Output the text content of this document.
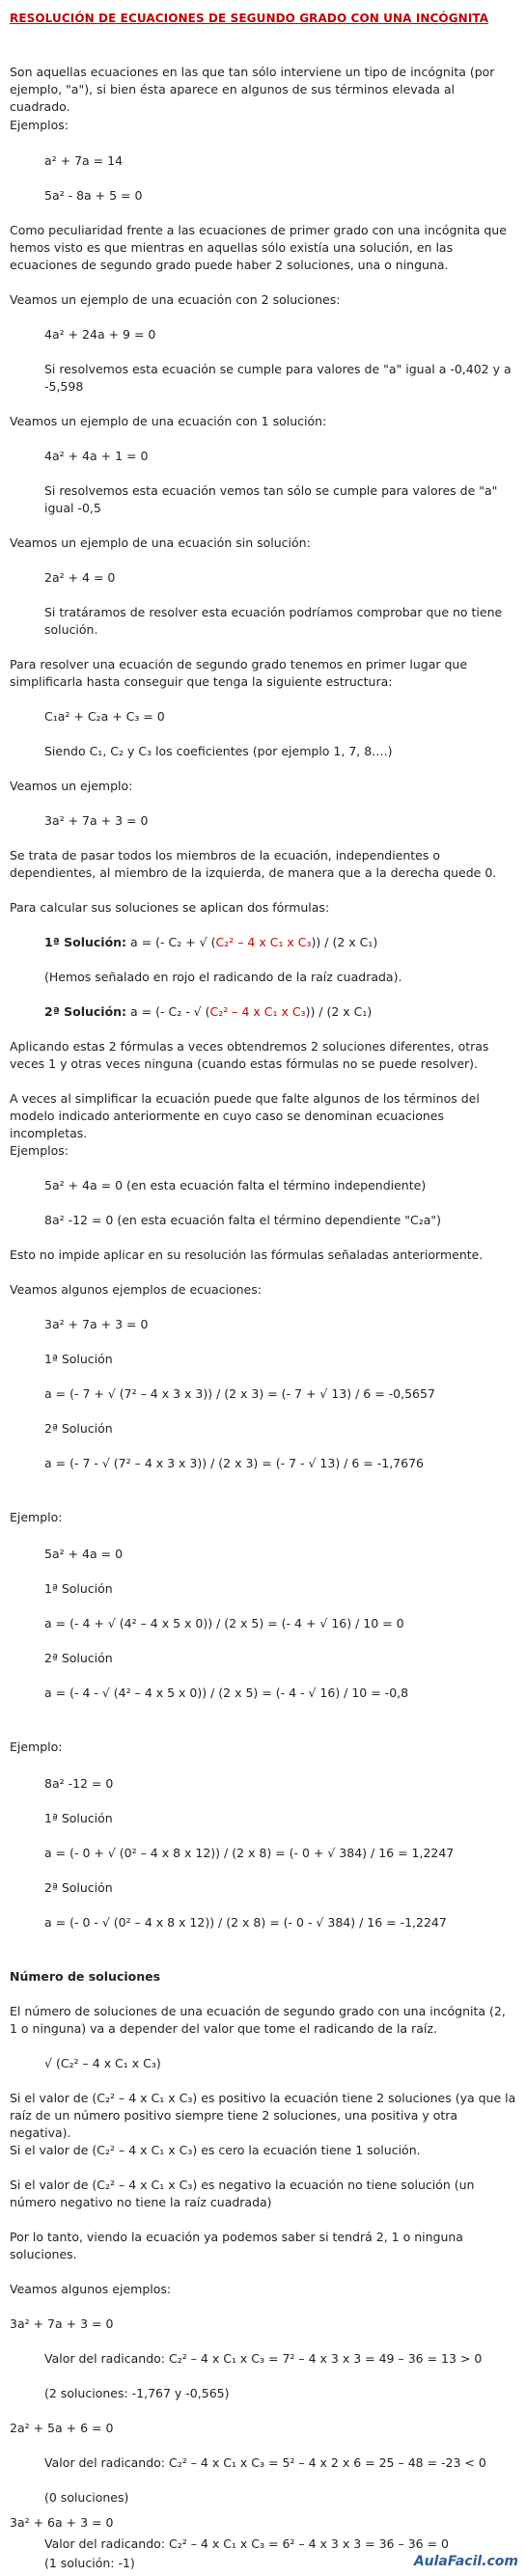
RESOLUCIÓN DE ECUACIONES DE SEGUNDO GRADO CON UNA INCÓGNITA

Son aquellas ecuaciones en las que tan sólo interviene un tipo de incógnita (por ejemplo, "a"), si bien ésta aparece en algunos de sus términos elevada al cuadrado.

Ejemplos:

a² + 7a = 14

5a² - 8a + 5 = 0

Como peculiaridad frente a las ecuaciones de primer grado con una incógnita que hemos visto es que mientras en aquellas sólo existía una solución, en las ecuaciones de segundo grado puede haber 2 soluciones, una o ninguna.

Veamos un ejemplo de una ecuación con 2 soluciones:

4a² + 24a + 9 = 0

Si resolvemos esta ecuación se cumple para valores de "a" igual a -0,402 y a -5,598

Veamos un ejemplo de una ecuación con 1 solución:

4a² + 4a + 1 = 0

Si resolvemos esta ecuación vemos tan sólo se cumple para valores de "a" igual -0,5

Veamos un ejemplo de una ecuación sin solución:

2a² + 4 = 0

Si tratáramos de resolver esta ecuación podríamos comprobar que no tiene solución.

Para resolver una ecuación de segundo grado tenemos en primer lugar que simplificarla hasta conseguir que tenga la siguiente estructura:

C₁a² + C₂a + C₃ = 0

Siendo C₁, C₂ y C₃ los coeficientes (por ejemplo 1, 7, 8….)

Veamos un ejemplo:

3a² + 7a + 3 = 0

Se trata de pasar todos los miembros de la ecuación, independientes o dependientes, al miembro de la izquierda, de manera que a la derecha quede 0.

Para calcular sus soluciones se aplican dos fórmulas:

1ª Solución: a = (- C₂ + √ (C₂² – 4 x C₁ x C₃)) / (2 x C₁)

(Hemos señalado en rojo el radicando de la raíz cuadrada).

2ª Solución: a = (- C₂ - √ (C₂² – 4 x C₁ x C₃)) / (2 x C₁)

Aplicando estas 2 fórmulas a veces obtendremos 2 soluciones diferentes, otras veces 1 y otras veces ninguna (cuando estas fórmulas no se puede resolver).

A veces al simplificar la ecuación puede que falte algunos de los términos del modelo indicado anteriormente en cuyo caso se denominan ecuaciones incompletas.

Ejemplos:

5a² + 4a = 0 (en esta ecuación falta el término independiente)

8a² -12 = 0 (en esta ecuación falta el término dependiente "C₂a")

Esto no impide aplicar en su resolución las fórmulas señaladas anteriormente.

Veamos algunos ejemplos de ecuaciones:

3a² + 7a + 3 = 0

1ª Solución

a = (- 7 + √ (7² – 4 x 3 x 3)) / (2 x 3) = (- 7 + √ 13) / 6 = -0,5657

2ª Solución

a = (- 7 - √ (7² – 4 x 3 x 3)) / (2 x 3) = (- 7 - √ 13) / 6 = -1,7676

Ejemplo:

5a² + 4a = 0

1ª Solución

a = (- 4 + √ (4² – 4 x 5 x 0)) / (2 x 5) = (- 4 + √ 16) / 10 = 0

2ª Solución

a = (- 4 - √ (4² – 4 x 5 x 0)) / (2 x 5) = (- 4 - √ 16) / 10 = -0,8

Ejemplo:

8a² -12 = 0

1ª Solución

a = (- 0 + √ (0² – 4 x 8 x 12)) / (2 x 8) = (- 0 + √ 384) / 16 = 1,2247

2ª Solución

a = (- 0 - √ (0² – 4 x 8 x 12)) / (2 x 8) = (- 0 - √ 384) / 16 = -1,2247

Número de soluciones

El número de soluciones de una ecuación de segundo grado con una incógnita (2, 1 o ninguna) va a depender del valor que tome el radicando de la raíz.

√ (C₂² – 4 x C₁ x C₃)

Si el valor de (C₂² – 4 x C₁ x C₃) es positivo la ecuación tiene 2 soluciones (ya que la raíz de un número positivo siempre tiene 2 soluciones, una positiva y otra negativa).

Si el valor de (C₂² – 4 x C₁ x C₃) es cero la ecuación tiene 1 solución.

Si el valor de (C₂² – 4 x C₁ x C₃) es negativo la ecuación no tiene solución (un número negativo no tiene la raíz cuadrada)

Por lo tanto, viendo la ecuación ya podemos saber si tendrá 2, 1 o ninguna soluciones.

Veamos algunos ejemplos:

3a² + 7a + 3 = 0

Valor del radicando: C₂² – 4 x C₁ x C₃ = 7² – 4 x 3 x 3 = 49 – 36 = 13 > 0

(2 soluciones: -1,767 y -0,565)

2a² + 5a + 6 = 0

Valor del radicando: C₂² – 4 x C₁ x C₃ = 5² – 4 x 2 x 6 = 25 – 48 = -23 < 0

(0 soluciones)

3a² + 6a + 3 = 0

Valor del radicando: C₂² – 4 x C₁ x C₃ = 6² – 4 x 3 x 3 = 36 – 36 = 0

(1 solución: -1)	AulaFacil.com
